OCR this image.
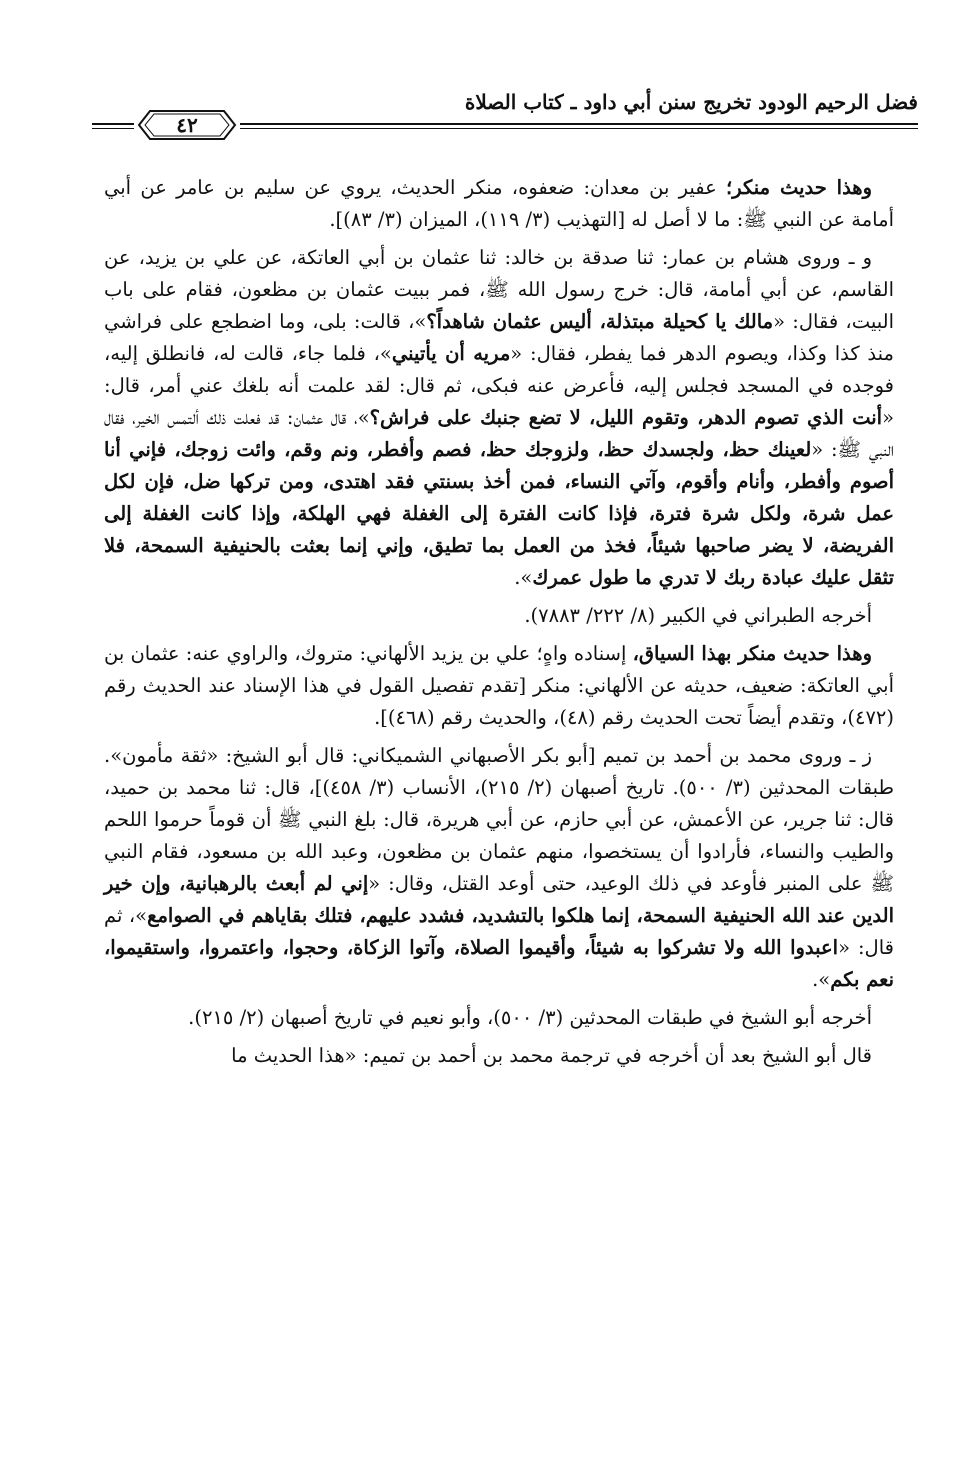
فضل الرحيم الودود تخريج سنن أبي داود ـ كتاب الصلاة
٤٢

وهذا حديث منكر؛ عفير بن معدان: ضعفوه، منكر الحديث، يروي عن سليم بن عامر عن أبي أمامة عن النبي ﷺ: ما لا أصل له [التهذيب (٣/ ١١٩)، الميزان (٣/ ٨٣)].

و ـ وروى هشام بن عمار: ثنا صدقة بن خالد: ثنا عثمان بن أبي العاتكة، عن علي بن يزيد، عن القاسم، عن أبي أمامة، قال: خرج رسول الله ﷺ، فمر ببيت عثمان بن مظعون، فقام على باب البيت، فقال: «مالك يا كحيلة مبتذلة، أليس عثمان شاهداً؟»، قالت: بلى، وما اضطجع على فراشي منذ كذا وكذا، ويصوم الدهر فما يفطر، فقال: «مريه أن يأتيني»، فلما جاء، قالت له، فانطلق إليه، فوجده في المسجد فجلس إليه، فأعرض عنه فبكى، ثم قال: لقد علمت أنه بلغك عني أمر، قال: «أنت الذي تصوم الدهر، وتقوم الليل، لا تضع جنبك على فراش؟»، قال عثمان: قد فعلت ذلك ألتمس الخير، فقال النبي ﷺ: «لعينك حظ، ولجسدك حظ، ولزوجك حظ، فصم وأفطر، ونم وقم، وائت زوجك، فإني أنا أصوم وأفطر، وأنام وأقوم، وآتي النساء، فمن أخذ بسنتي فقد اهتدى، ومن تركها ضل، فإن لكل عمل شرة، ولكل شرة فترة، فإذا كانت الفترة إلى الغفلة فهي الهلكة، وإذا كانت الغفلة إلى الفريضة، لا يضر صاحبها شيئاً، فخذ من العمل بما تطيق، وإني إنما بعثت بالحنيفية السمحة، فلا تثقل عليك عبادة ربك لا تدري ما طول عمرك».

أخرجه الطبراني في الكبير (٨/ ٢٢٢/ ٧٨٨٣).

وهذا حديث منكر بهذا السياق، إسناده واهٍ؛ علي بن يزيد الألهاني: متروك، والراوي عنه: عثمان بن أبي العاتكة: ضعيف، حديثه عن الألهاني: منكر [تقدم تفصيل القول في هذا الإسناد عند الحديث رقم (٤٧٢)، وتقدم أيضاً تحت الحديث رقم (٤٨)، والحديث رقم (٤٦٨)].

ز ـ وروى محمد بن أحمد بن تميم [أبو بكر الأصبهاني الشميكاني: قال أبو الشيخ: «ثقة مأمون». طبقات المحدثين (٣/ ٥٠٠). تاريخ أصبهان (٢/ ٢١٥)، الأنساب (٣/ ٤٥٨)]، قال: ثنا محمد بن حميد، قال: ثنا جرير، عن الأعمش، عن أبي حازم، عن أبي هريرة، قال: بلغ النبي ﷺ أن قوماً حرموا اللحم والطيب والنساء، فأرادوا أن يستخصوا، منهم عثمان بن مظعون، وعبد الله بن مسعود، فقام النبي ﷺ على المنبر فأوعد في ذلك الوعيد، حتى أوعد القتل، وقال: «إني لم أبعث بالرهبانية، وإن خير الدين عند الله الحنيفية السمحة، إنما هلكوا بالتشديد، فشدد عليهم، فتلك بقاياهم في الصوامع»، ثم قال: «اعبدوا الله ولا تشركوا به شيئاً، وأقيموا الصلاة، وآتوا الزكاة، وحجوا، واعتمروا، واستقيموا، نعم بكم».

أخرجه أبو الشيخ في طبقات المحدثين (٣/ ٥٠٠)، وأبو نعيم في تاريخ أصبهان (٢/ ٢١٥).

قال أبو الشيخ بعد أن أخرجه في ترجمة محمد بن أحمد بن تميم: «هذا الحديث ما
